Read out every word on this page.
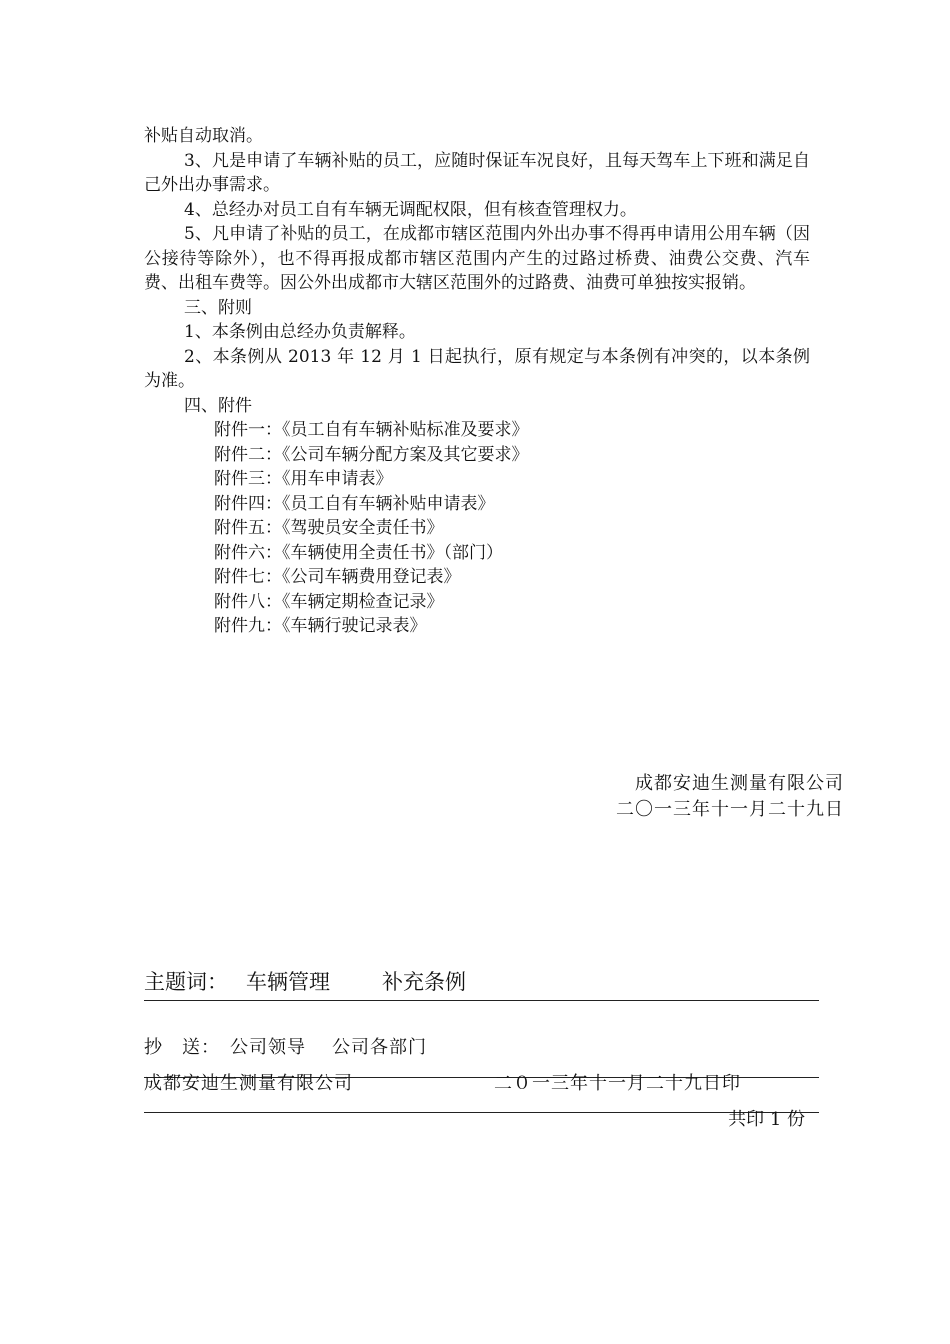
补贴自动取消。

3、凡是申请了车辆补贴的员工，应随时保证车况良好，且每天驾车上下班和满足自己外出办事需求。

4、总经办对员工自有车辆无调配权限，但有核查管理权力。

5、凡申请了补贴的员工，在成都市辖区范围内外出办事不得再申请用公用车辆（因公接待等除外），也不得再报成都市辖区范围内产生的过路过桥费、油费公交费、汽车费、出租车费等。因公外出成都市大辖区范围外的过路费、油费可单独按实报销。

三、附则

1、本条例由总经办负责解释。

2、本条例从 2013 年 12 月 1 日起执行，原有规定与本条例有冲突的，以本条例为准。

四、附件

附件一：《员工自有车辆补贴标准及要求》

附件二：《公司车辆分配方案及其它要求》

附件三：《用车申请表》

附件四：《员工自有车辆补贴申请表》

附件五：《驾驶员安全责任书》

附件六：《车辆使用全责任书》（部门）

附件七：《公司车辆费用登记表》

附件八：《车辆定期检查记录》

附件九：《车辆行驶记录表》

成都安迪生测量有限公司
二〇一三年十一月二十九日
主题词： 车辆管理 补充条例
抄　送： 公司领导 公司各部门
成都安迪生测量有限公司	二０一三年十一月二十九日印
共印 1 份
